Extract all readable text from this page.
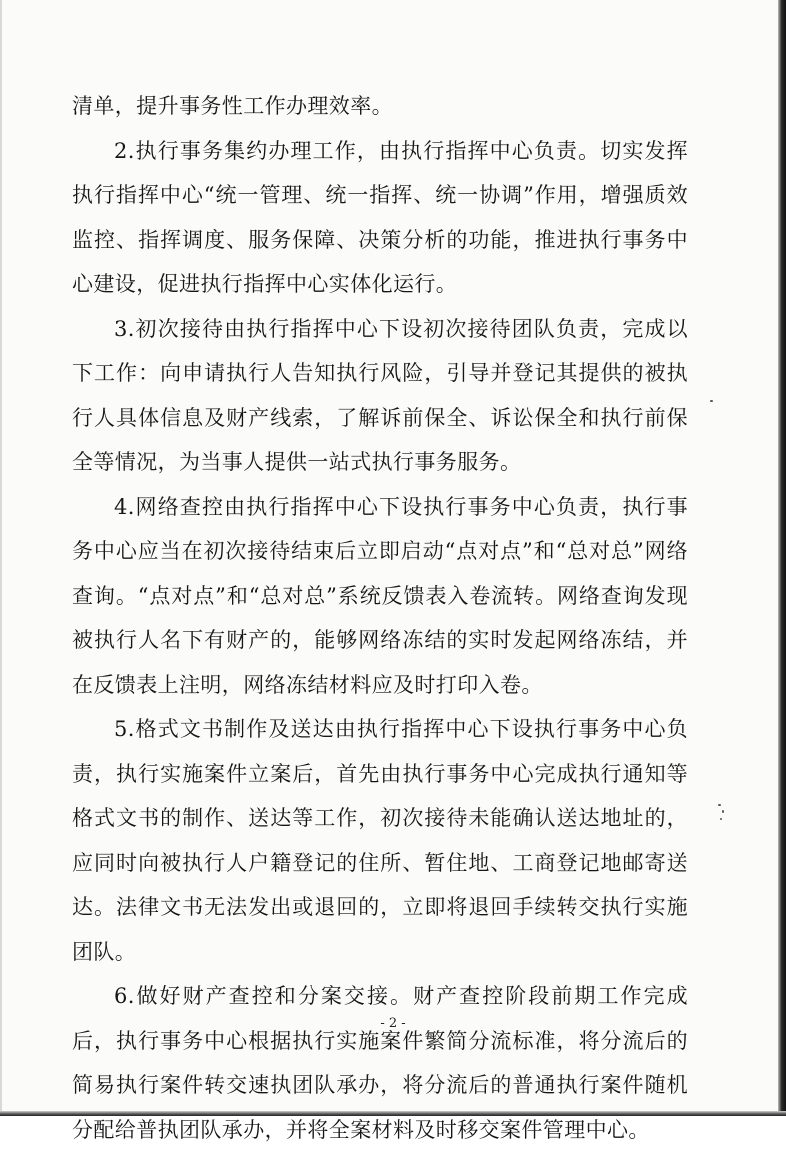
清单，提升事务性工作办理效率。

2.执行事务集约办理工作，由执行指挥中心负责。切实发挥执行指挥中心“统一管理、统一指挥、统一协调”作用，增强质效监控、指挥调度、服务保障、决策分析的功能，推进执行事务中心建设，促进执行指挥中心实体化运行。

3.初次接待由执行指挥中心下设初次接待团队负责，完成以下工作：向申请执行人告知执行风险，引导并登记其提供的被执行人具体信息及财产线索，了解诉前保全、诉讼保全和执行前保全等情况，为当事人提供一站式执行事务服务。

4.网络查控由执行指挥中心下设执行事务中心负责，执行事务中心应当在初次接待结束后立即启动“点对点”和“总对总”网络查询。“点对点”和“总对总”系统反馈表入卷流转。网络查询发现被执行人名下有财产的，能够网络冻结的实时发起网络冻结，并在反馈表上注明，网络冻结材料应及时打印入卷。

5.格式文书制作及送达由执行指挥中心下设执行事务中心负责，执行实施案件立案后，首先由执行事务中心完成执行通知等格式文书的制作、送达等工作，初次接待未能确认送达地址的，应同时向被执行人户籍登记的住所、暂住地、工商登记地邮寄送达。法律文书无法发出或退回的，立即将退回手续转交执行实施团队。

6.做好财产查控和分案交接。财产查控阶段前期工作完成后，执行事务中心根据执行实施案件繁简分流标准，将分流后的简易执行案件转交速执团队承办，将分流后的普通执行案件随机分配给普执团队承办，并将全案材料及时移交案件管理中心。

- 2 -
